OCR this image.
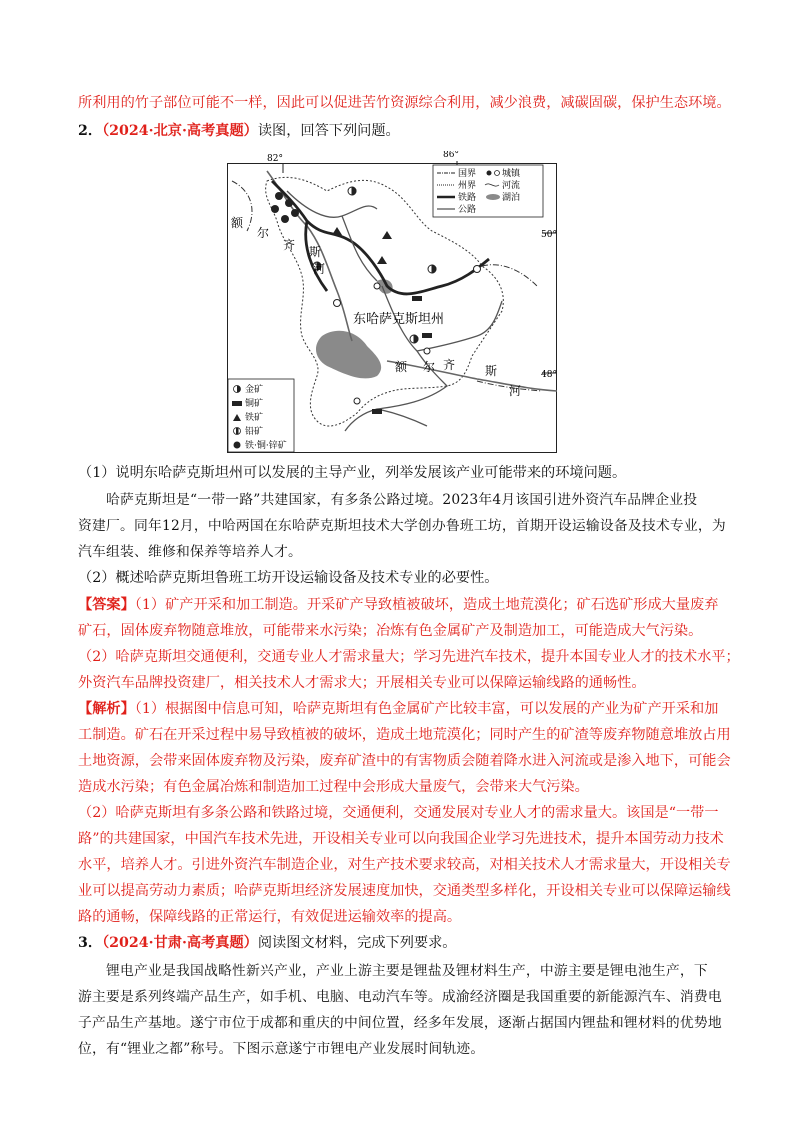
所利用的竹子部位可能不一样，因此可以促进苦竹资源综合利用，减少浪费，减碳固碳，保护生态环境。
2．（2024·北京·高考真题）读图，回答下列问题。
82°	86°
50°
48°
东哈萨克斯坦州
额
尔
齐 斯
河
额 尔 齐 斯
河
国界	城镇
州界	河流
铁路	湖泊
公路
金矿
铜矿
铁矿
铅矿
铁·铜·锌矿
（1）说明东哈萨克斯坦州可以发展的主导产业，列举发展该产业可能带来的环境问题。
哈萨克斯坦是“一带一路”共建国家，有多条公路过境。2023年4月该国引进外资汽车品牌企业投
资建厂。同年12月，中哈两国在东哈萨克斯坦技术大学创办鲁班工坊，首期开设运输设备及技术专业，为
汽车组装、维修和保养等培养人才。
（2）概述哈萨克斯坦鲁班工坊开设运输设备及技术专业的必要性。
【答案】（1）矿产开采和加工制造。开采矿产导致植被破坏，造成土地荒漠化；矿石选矿形成大量废弃
矿石，固体废弃物随意堆放，可能带来水污染；冶炼有色金属矿产及制造加工，可能造成大气污染。
（2）哈萨克斯坦交通便利，交通专业人才需求量大；学习先进汽车技术，提升本国专业人才的技术水平；
外资汽车品牌投资建厂，相关技术人才需求大；开展相关专业可以保障运输线路的通畅性。
【解析】（1）根据图中信息可知，哈萨克斯坦有色金属矿产比较丰富，可以发展的产业为矿产开采和加
工制造。矿石在开采过程中易导致植被的破坏，造成土地荒漠化；同时产生的矿渣等废弃物随意堆放占用
土地资源，会带来固体废弃物及污染，废弃矿渣中的有害物质会随着降水进入河流或是渗入地下，可能会
造成水污染；有色金属冶炼和制造加工过程中会形成大量废气，会带来大气污染。
（2）哈萨克斯坦有多条公路和铁路过境，交通便利，交通发展对专业人才的需求量大。该国是“一带一
路”的共建国家，中国汽车技术先进，开设相关专业可以向我国企业学习先进技术，提升本国劳动力技术
水平，培养人才。引进外资汽车制造企业，对生产技术要求较高，对相关技术人才需求量大，开设相关专
业可以提高劳动力素质；哈萨克斯坦经济发展速度加快，交通类型多样化，开设相关专业可以保障运输线
路的通畅，保障线路的正常运行，有效促进运输效率的提高。
3．（2024·甘肃·高考真题）阅读图文材料，完成下列要求。
锂电产业是我国战略性新兴产业，产业上游主要是锂盐及锂材料生产，中游主要是锂电池生产，下
游主要是系列终端产品生产，如手机、电脑、电动汽车等。成渝经济圈是我国重要的新能源汽车、消费电
子产品生产基地。遂宁市位于成都和重庆的中间位置，经多年发展，逐渐占据国内锂盐和锂材料的优势地
位，有“锂业之都”称号。下图示意遂宁市锂电产业发展时间轨迹。
